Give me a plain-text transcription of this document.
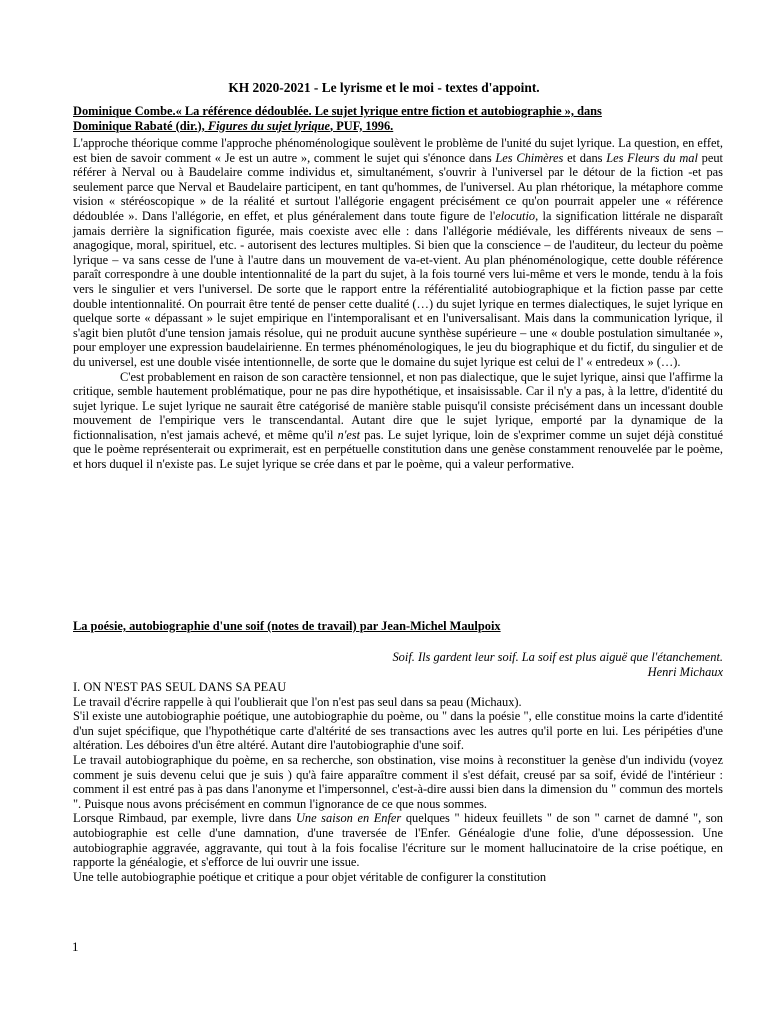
KH 2020-2021 - Le lyrisme et le moi - textes d'appoint.
Dominique Combe.« La référence dédoublée. Le sujet lyrique entre fiction et autobiographie », dans
Dominique Rabaté (dir.), Figures du sujet lyrique, PUF, 1996.

L'approche théorique comme l'approche phénoménologique soulèvent le problème de l'unité du sujet lyrique. La question, en effet, est bien de savoir comment « Je est un autre », comment le sujet qui s'énonce dans Les Chimères et dans Les Fleurs du mal peut référer à Nerval ou à Baudelaire comme individus et, simultanément, s'ouvrir à l'universel par le détour de la fiction -et pas seulement parce que Nerval et Baudelaire participent, en tant qu'hommes, de l'universel. Au plan rhétorique, la métaphore comme vision « stéréoscopique » de la réalité et surtout l'allégorie engagent précisément ce qu'on pourrait appeler une « référence dédoublée ». Dans l'allégorie, en effet, et plus généralement dans toute figure de l'elocutio, la signification littérale ne disparaît jamais derrière la signification figurée, mais coexiste avec elle : dans l'allégorie médiévale, les différents niveaux de sens – anagogique, moral, spirituel, etc. - autorisent des lectures multiples. Si bien que la conscience – de l'auditeur, du lecteur du poème lyrique – va sans cesse de l'une à l'autre dans un mouvement de va-et-vient. Au plan phénoménologique, cette double référence paraît correspondre à une double intentionnalité de la part du sujet, à la fois tourné vers lui-même et vers le monde, tendu à la fois vers le singulier et vers l'universel. De sorte que le rapport entre la référentialité autobiographique et la fiction passe par cette double intentionnalité. On pourrait être tenté de penser cette dualité (…) du sujet lyrique en termes dialectiques, le sujet lyrique en quelque sorte « dépassant » le sujet empirique en l'intemporalisant et en l'universalisant. Mais dans la communication lyrique, il s'agit bien plutôt d'une tension jamais résolue, qui ne produit aucune synthèse supérieure – une « double postulation simultanée », pour employer une expression baudelairienne. En termes phénoménologiques, le jeu du biographique et du fictif, du singulier et de du universel, est une double visée intentionnelle, de sorte que le domaine du sujet lyrique est celui de l' « entredeux » (…).

C'est probablement en raison de son caractère tensionnel, et non pas dialectique, que le sujet lyrique, ainsi que l'affirme la critique, semble hautement problématique, pour ne pas dire hypothétique, et insaisissable. Car il n'y a pas, à la lettre, d'identité du sujet lyrique. Le sujet lyrique ne saurait être catégorisé de manière stable puisqu'il consiste précisément dans un incessant double mouvement de l'empirique vers le transcendantal. Autant dire que le sujet lyrique, emporté par la dynamique de la fictionnalisation, n'est jamais achevé, et même qu'il n'est pas. Le sujet lyrique, loin de s'exprimer comme un sujet déjà constitué que le poème représenterait ou exprimerait, est en perpétuelle constitution dans une genèse constamment renouvelée par le poème, et hors duquel il n'existe pas. Le sujet lyrique se crée dans et par le poème, qui a valeur performative.

La poésie, autobiographie d'une soif (notes de travail) par Jean-Michel Maulpoix
Soif. Ils gardent leur soif. La soif est plus aiguë que l'étanchement.
Henri Michaux

I. ON N'EST PAS SEUL DANS SA PEAU

Le travail d'écrire rappelle à qui l'oublierait que l'on n'est pas seul dans sa peau (Michaux).

S'il existe une autobiographie poétique, une autobiographie du poème, ou " dans la poésie ", elle constitue moins la carte d'identité d'un sujet spécifique, que l'hypothétique carte d'altérité de ses transactions avec les autres qu'il porte en lui. Les péripéties d'une altération. Les déboires d'un être altéré. Autant dire l'autobiographie d'une soif.

Le travail autobiographique du poème, en sa recherche, son obstination, vise moins à reconstituer la genèse d'un individu (voyez comment je suis devenu celui que je suis ) qu'à faire apparaître comment il s'est défait, creusé par sa soif, évidé de l'intérieur : comment il est entré pas à pas dans l'anonyme et l'impersonnel, c'est-à-dire aussi bien dans la dimension du " commun des mortels ". Puisque nous avons précisément en commun l'ignorance de ce que nous sommes.

Lorsque Rimbaud, par exemple, livre dans Une saison en Enfer quelques " hideux feuillets " de son " carnet de damné ", son autobiographie est celle d'une damnation, d'une traversée de l'Enfer. Généalogie d'une folie, d'une dépossession. Une autobiographie aggravée, aggravante, qui tout à la fois focalise l'écriture sur le moment hallucinatoire de la crise poétique, en rapporte la généalogie, et s'efforce de lui ouvrir une issue.

Une telle autobiographie poétique et critique a pour objet véritable de configurer la constitution

1
